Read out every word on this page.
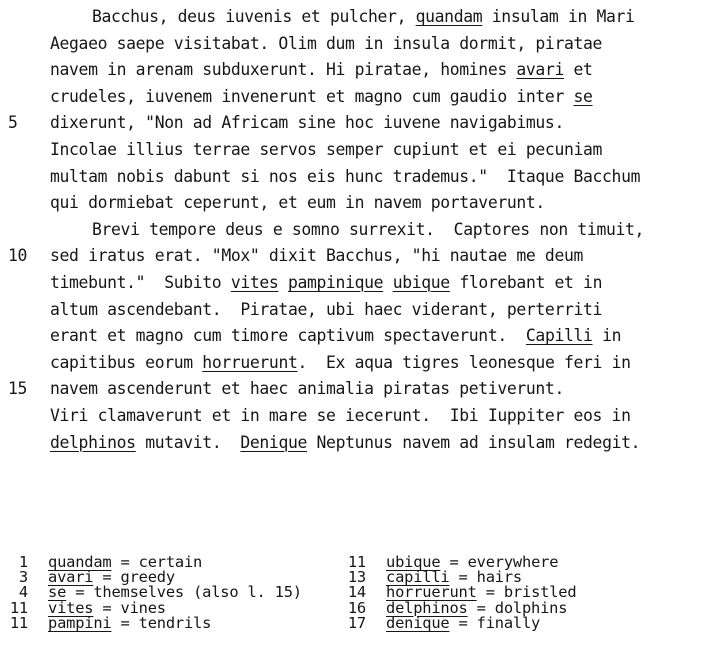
Bacchus, deus iuvenis et pulcher, quandam insulam in Mari
Aegaeo saepe visitabat. Olim dum in insula dormit, piratae
navem in arenam subduxerunt. Hi piratae, homines avari et
crudeles, iuvenem invenerunt et magno cum gaudio inter se
5	dixerunt, "Non ad Africam sine hoc iuvene navigabimus.
Incolae illius terrae servos semper cupiunt et ei pecuniam
multam nobis dabunt si nos eis hunc trademus."  Itaque Bacchum
qui dormiebat ceperunt, et eum in navem portaverunt.
Brevi tempore deus e somno surrexit.  Captores non timuit,
10	sed iratus erat. "Mox" dixit Bacchus, "hi nautae me deum
timebunt."  Subito vites pampinique ubique florebant et in
altum ascendebant.  Piratae, ubi haec viderant, perterriti
erant et magno cum timore captivum spectaverunt.  Capilli in
capitibus eorum horruerunt.  Ex aqua tigres leonesque feri in
15	navem ascenderunt et haec animalia piratas petiverunt.
Viri clamaverunt et in mare se iecerunt.  Ibi Iuppiter eos in
delphinos mutavit.  Denique Neptunus navem ad insulam redegit.
1 quandam = certain
3 avari = greedy
4 se = themselves (also l. 15)
11 vites = vines
11 pampini = tendrils
11 ubique = everywhere
13 capilli = hairs
14 horruerunt = bristled
16 delphinos = dolphins
17 denique = finally
